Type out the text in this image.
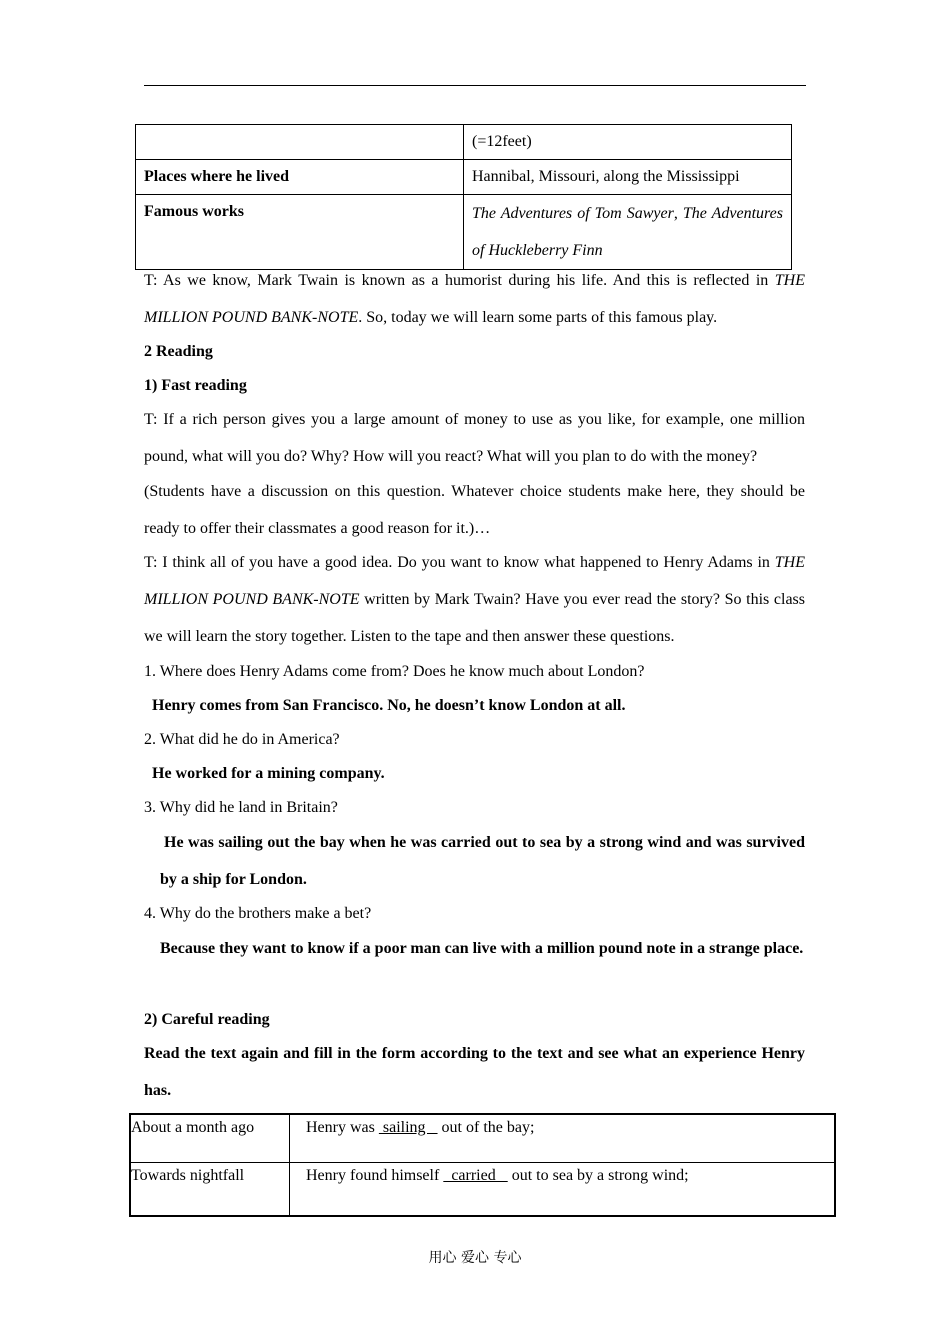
	(=12feet)
Places where he lived	Hannibal, Missouri, along the Mississippi
Famous works	The Adventures of Tom Sawyer, The Adventures of Huckleberry Finn

T: As we know, Mark Twain is known as a humorist during his life. And this is reflected in THE MILLION POUND BANK-NOTE. So, today we will learn some parts of this famous play.

2 Reading

1) Fast reading

T: If a rich person gives you a large amount of money to use as you like, for example, one million pound, what will you do? Why? How will you react? What will you plan to do with the money?

(Students have a discussion on this question. Whatever choice students make here, they should be ready to offer their classmates a good reason for it.)…

T: I think all of you have a good idea. Do you want to know what happened to Henry Adams in THE MILLION POUND BANK-NOTE written by Mark Twain? Have you ever read the story? So this class we will learn the story together. Listen to the tape and then answer these questions.

1. Where does Henry Adams come from? Does he know much about London?

Henry comes from San Francisco. No, he doesn’t know London at all.

2. What did he do in America?

He worked for a mining company.

3. Why did he land in Britain?

He was sailing out the bay when he was carried out to sea by a strong wind and was survived by a ship for London.

4. Why do the brothers make a bet?

Because they want to know if a poor man can live with a million pound note in a strange place.

2) Careful reading

Read the text again and fill in the form according to the text and see what an experience Henry has.

About a month ago	Henry was  sailing    out of the bay;
Towards nightfall	Henry found himself   carried    out to sea by a strong wind;
用心 爱心 专心
